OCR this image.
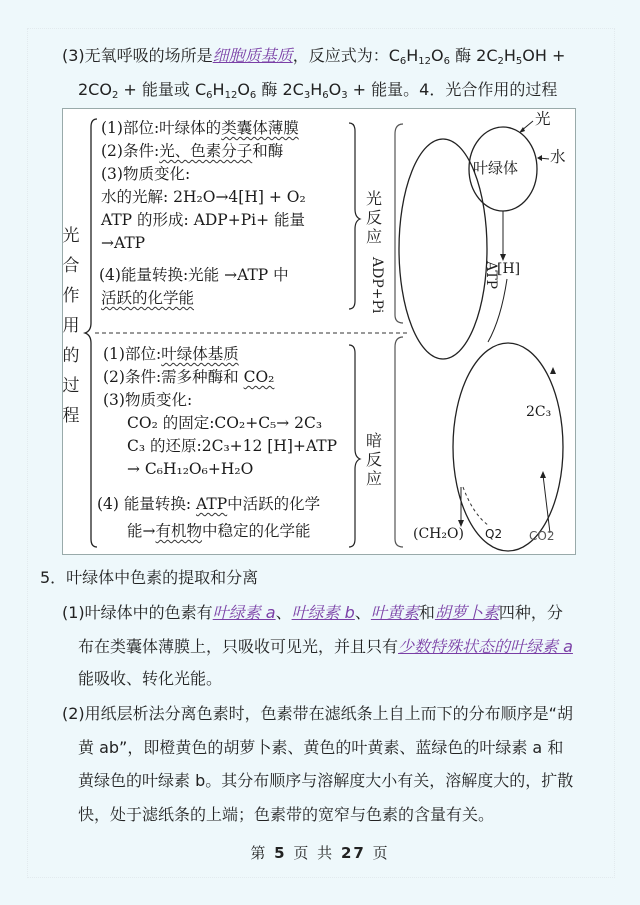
(3)无氧呼吸的场所是细胞质基质，反应式为：$C_6H_{12}O_6$ 酶 $2C_2H_5OH$ +
$2CO_2$ + 能量或 $C_6H_{12}O_6$ 酶 $2C_3H_6O_3$ + 能量。4．光合作用的过程
光
合
作
用
的
过
程
(1)部位:叶绿体的类囊体薄膜
(2)条件:光、色素分子和酶
(3)物质变化:
水的光解: 2H₂O→4[H] + O₂
ATP 的形成: ADP+Pi+ 能量
→ATP
(4)能量转换:光能 →ATP 中
活跃的化学能
光
反
应
(1)部位:叶绿体基质
(2)条件:需多种酶和 CO₂
(3)物质变化:
CO₂ 的固定:CO₂+C₅→ 2C₃
C₃ 的还原:2C₃+12 [H]+ATP
→ C₆H₁₂O₆+H₂O
(4) 能量转换: ATP中活跃的化学
能→有机物中稳定的化学能
暗
反
应
叶绿体
光
水
ADP+Pi	ATP
[H]
2C₃
(CH₂O) Q2 CO2
5．叶绿体中色素的提取和分离
(1)叶绿体中的色素有叶绿素 a、叶绿素 b、叶黄素和胡萝卜素四种，分
布在类囊体薄膜上，只吸收可见光，并且只有少数特殊状态的叶绿素 a
能吸收、转化光能。
(2)用纸层析法分离色素时，色素带在滤纸条上自上而下的分布顺序是“胡
黄 ab”，即橙黄色的胡萝卜素、黄色的叶黄素、蓝绿色的叶绿素 a 和
黄绿色的叶绿素 b。其分布顺序与溶解度大小有关，溶解度大的，扩散
快，处于滤纸条的上端；色素带的宽窄与色素的含量有关。
第 5 页 共 27 页
